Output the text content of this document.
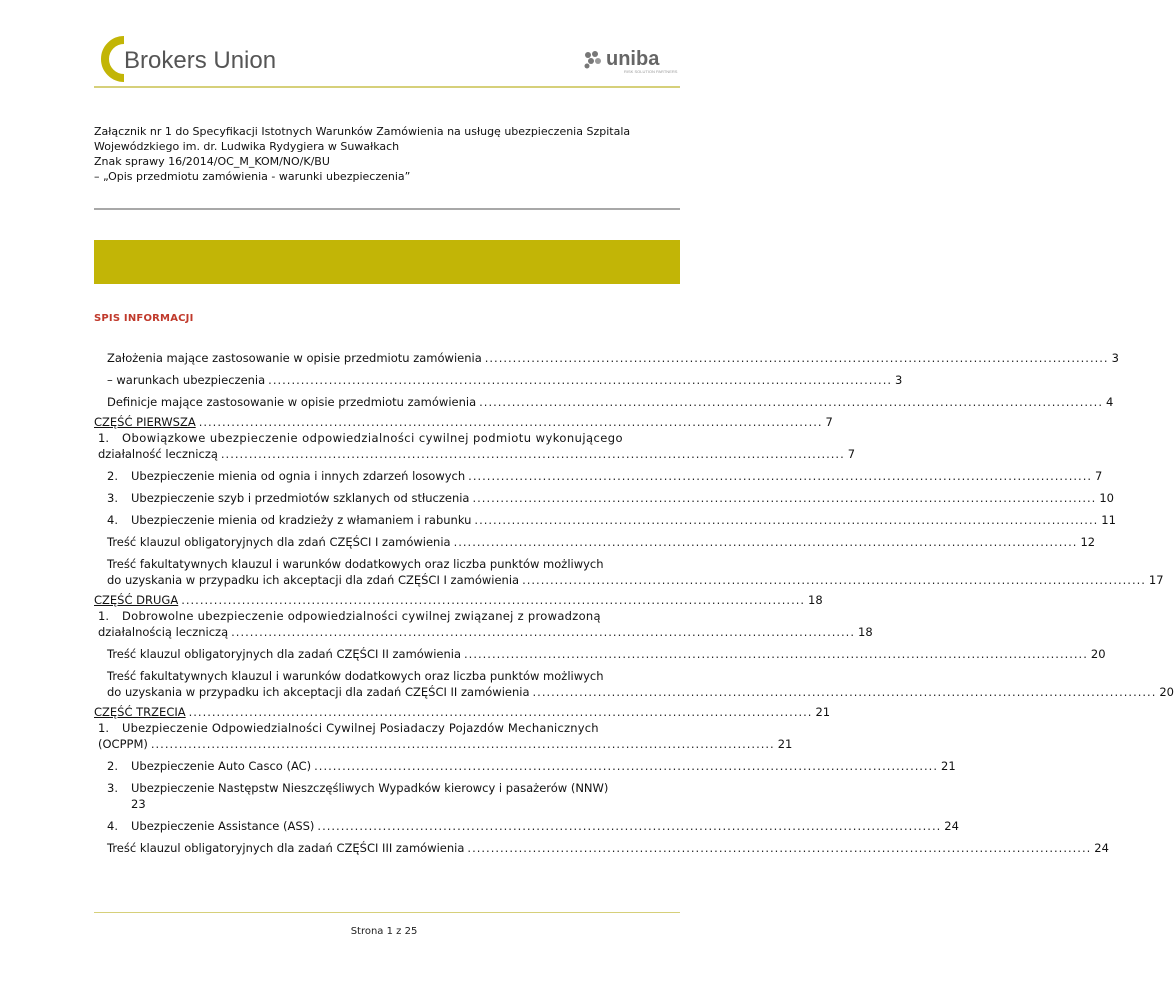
Brokers Union	uniba
RISK SOLUTION PARTNERS
Załącznik nr 1 do Specyfikacji Istotnych Warunków Zamówienia na usługę ubezpieczenia Szpitala
Wojewódzkiego im. dr. Ludwika Rydygiera w Suwałkach
Znak sprawy 16/2014/OC_M_KOM/NO/K/BU
– „Opis przedmiotu zamówienia - warunki ubezpieczenia”
SPIS INFORMACJI
Założenia mające zastosowanie w opisie przedmiotu zamówienia ...................................................................................................................................... 3
– warunkach ubezpieczenia ...................................................................................................................................... 3
Definicje mające zastosowanie w opisie przedmiotu zamówienia ...................................................................................................................................... 4
CZĘŚĆ PIERWSZA ...................................................................................................................................... 7
1.	Obowiązkowe ubezpieczenie odpowiedzialności cywilnej podmiotu wykonującego
działalność leczniczą ...................................................................................................................................... 7
2.	Ubezpieczenie mienia od ognia i innych zdarzeń losowych ...................................................................................................................................... 7
3.	Ubezpieczenie szyb i przedmiotów szklanych od stłuczenia ...................................................................................................................................... 10
4.	Ubezpieczenie mienia od kradzieży z włamaniem i rabunku ...................................................................................................................................... 11
Treść klauzul obligatoryjnych dla zdań CZĘŚCI I zamówienia ...................................................................................................................................... 12
Treść fakultatywnych klauzul i warunków dodatkowych oraz liczba punktów możliwych
do uzyskania w przypadku ich akceptacji dla zdań CZĘŚCI I zamówienia ...................................................................................................................................... 17
CZĘŚĆ DRUGA ...................................................................................................................................... 18
1.	Dobrowolne ubezpieczenie odpowiedzialności cywilnej związanej z prowadzoną
działalnością leczniczą ...................................................................................................................................... 18
Treść klauzul obligatoryjnych dla zadań CZĘŚCI II zamówienia ...................................................................................................................................... 20
Treść fakultatywnych klauzul i warunków dodatkowych oraz liczba punktów możliwych
do uzyskania w przypadku ich akceptacji dla zadań CZĘŚCI II zamówienia ...................................................................................................................................... 20
CZĘŚĆ TRZECIA ...................................................................................................................................... 21
1.	Ubezpieczenie Odpowiedzialności Cywilnej Posiadaczy Pojazdów Mechanicznych
(OCPPM) ...................................................................................................................................... 21
2.	Ubezpieczenie Auto Casco (AC) ...................................................................................................................................... 21
3.	Ubezpieczenie Następstw Nieszczęśliwych Wypadków kierowcy i pasażerów (NNW)
23
4.	Ubezpieczenie Assistance (ASS) ...................................................................................................................................... 24
Treść klauzul obligatoryjnych dla zadań CZĘŚCI III zamówienia ...................................................................................................................................... 24
Strona 1 z 25
